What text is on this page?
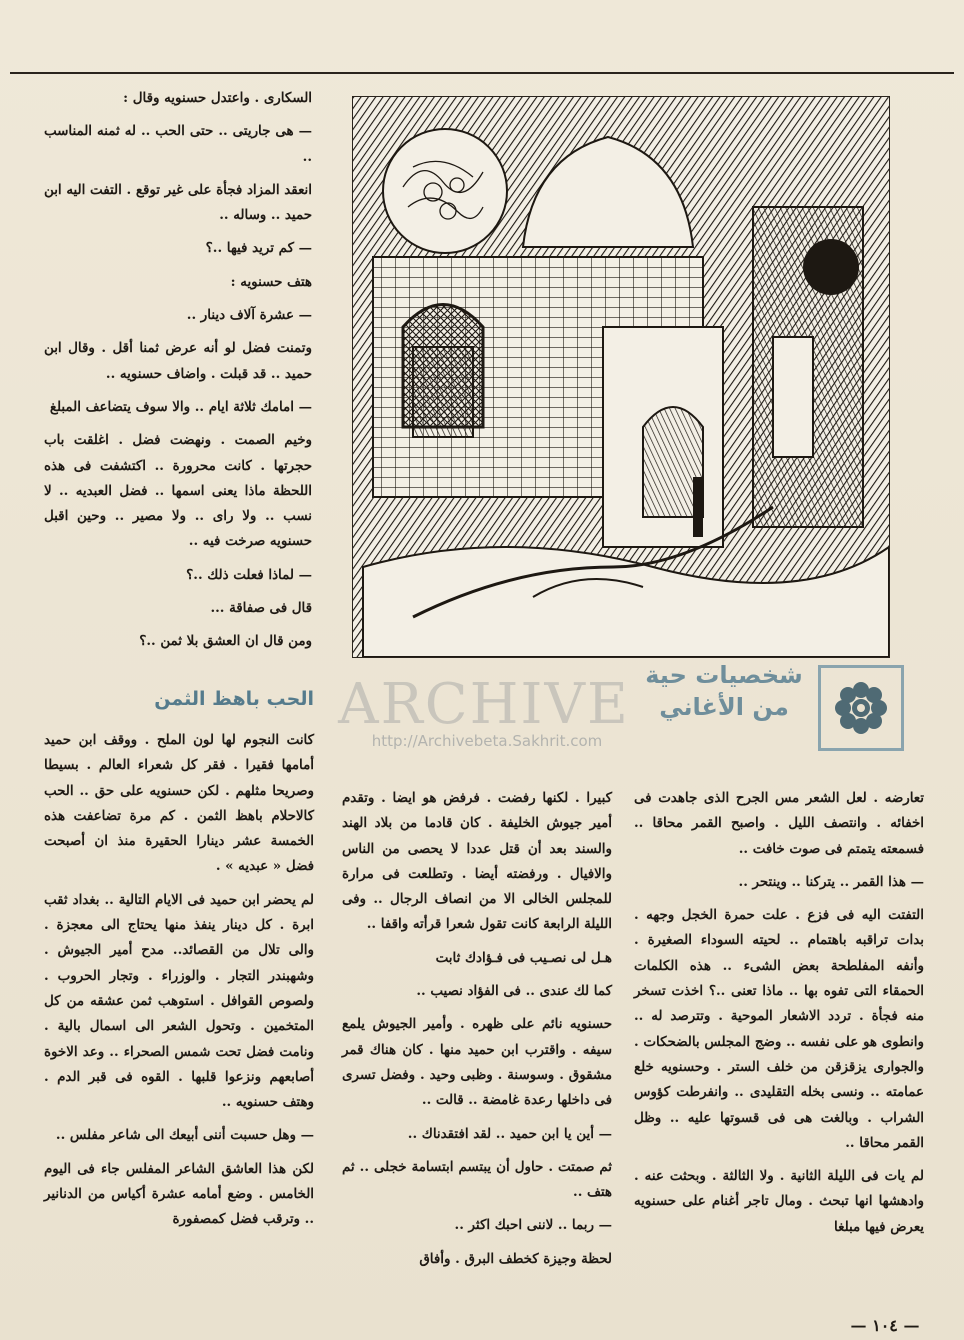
شخصيات حية من الأغاني
ARCHIVE
http://Archivebeta.Sakhrit.com

السكارى . واعتدل حسنويه وقال :

— هى جاريتى .. حتى الحب .. له ثمنه المناسب ..

انعقد المزاد فجأة على غير توقع . التفت اليه ابن حميد .. وساله ..

— كم تريد فيها ..؟

هتف حسنويه :

— عشرة آلاف دينار ..

وتمنت فضل لو أنه عرض ثمنا أقل . وقال ابن حميد .. قد قبلت . واضاف حسنويه ..

— امامك ثلاثة ايام .. والا سوف يتضاعف المبلغ

وخيم الصمت . ونهضت فضل . اغلقت باب حجرتها . كانت محرورة .. اكتشفت فى هذه اللحظة ماذا يعنى اسمها .. فضل العبديه .. لا نسب .. ولا راى .. ولا مصير .. وحين اقبل حسنويه صرخت فيه ..

— لماذا فعلت ذلك ..؟

قال فى صفاقة ...

ومن قال ان العشق بلا ثمن ..؟

الحب باهظ الثمن

كانت النجوم لها لون الملح . ووقف ابن حميد أمامها فقيرا . فقر كل شعراء العالم . بسيطا وصريحا مثلهم . لكن حسنويه على حق .. الحب كالاحلام باهظ الثمن . كم مرة تضاعفت هذه الخمسة عشر دينارا الحقيرة منذ ان أصبحت فضل « عبديه » .

لم يحضر ابن حميد فى الايام التالية .. بغداد ثقب ابرة . كل دينار ينفذ منها يحتاج الى معجزة . والى تلال من القصائد.. مدح أمير الجيوش . وشهبندر التجار . والوزراء . وتجار الحروب . ولصوص القوافل . استوهب ثمن عشقه من كل المتخمين . وتحول الشعر الى اسمال بالية . ونامت فضل تحت شمس الصحراء .. وعد الاخوة أصابعهم ونزعوا قلبها . القوه فى قبر الدم . وهتف حسنويه ..

— وهل حسبت أننى أبيعك الى شاعر مفلس ..

لكن هذا العاشق الشاعر المفلس جاء فى اليوم الخامس . وضع أمامه عشرة أكياس من الدنانير .. وترقب فضل كمصفورة

كبيرا . لكنها رفضت . فرفض هو ايضا . وتقدم أمير جيوش الخليفة . كان قادما من بلاد الهند والسند بعد أن قتل عددا لا يحصى من الناس والافيال . ورفضته أيضا . وتطلعت فى مرارة للمجلس الخالى الا من انصاف الرجال .. وفى الليلة الرابعة كانت تقول شعرا قرأته واقفا ..

هـل لى نصـيب فى فـؤادك ثابت

كما لك عندى .. فى الفؤاد نصيب ..

حسنويه نائم على ظهره . وأمير الجيوش يلمع سيفه . واقترب ابن حميد منها . كان هناك قمر مشقوق . وسوسنة . وظبى وحيد . وفضل تسرى فى داخلها رعدة غامضة .. قالت ..

— أين يا ابن حميد .. لقد افتقدناك ..

ثم صمتت . حاول أن يبتسم ابتسامة خجلى .. ثم هتف ..

— ربما .. لاننى احبك اكثر ..

لحظة وجيزة كخطف البرق . وأفاق

تعارضه . لعل الشعر مس الجرح الذى جاهدت فى اخفائه . وانتصف الليل . واصبح القمر محاقا .. فسمعته يتمتم فى صوت خافت ..

— هذا القمر .. يتركنا .. وينتحر ..

التفتت اليه فى فزع . علت حمرة الخجل وجهه . بدات تراقبه باهتمام .. لحيته السوداء الصغيرة . وأنفه المفلطحة بعض الشىء .. هذه الكلمات الحمقاء التى تفوه بها .. ماذا تعنى ..؟ اخذت تسخر منه فجأة . تردد الاشعار الموحية . وتترصد له .. وانطوى هو على نفسه .. وضج المجلس بالضحكات . والجوارى يزقزقن من خلف الستر . وحسنويه خلع عمامته .. ونسى بخله التقليدى .. وانفرطت كؤوس الشراب . وبالغت هى فى قسوتها عليه .. وظل القمر محاقا ..

لم يات فى الليلة الثانية . ولا الثالثة . وبحثت عنه . وادهشها انها تبحث . ومال تاجر أغنام على حسنويه يعرض فيها مبلغا

— ١٠٤ —
